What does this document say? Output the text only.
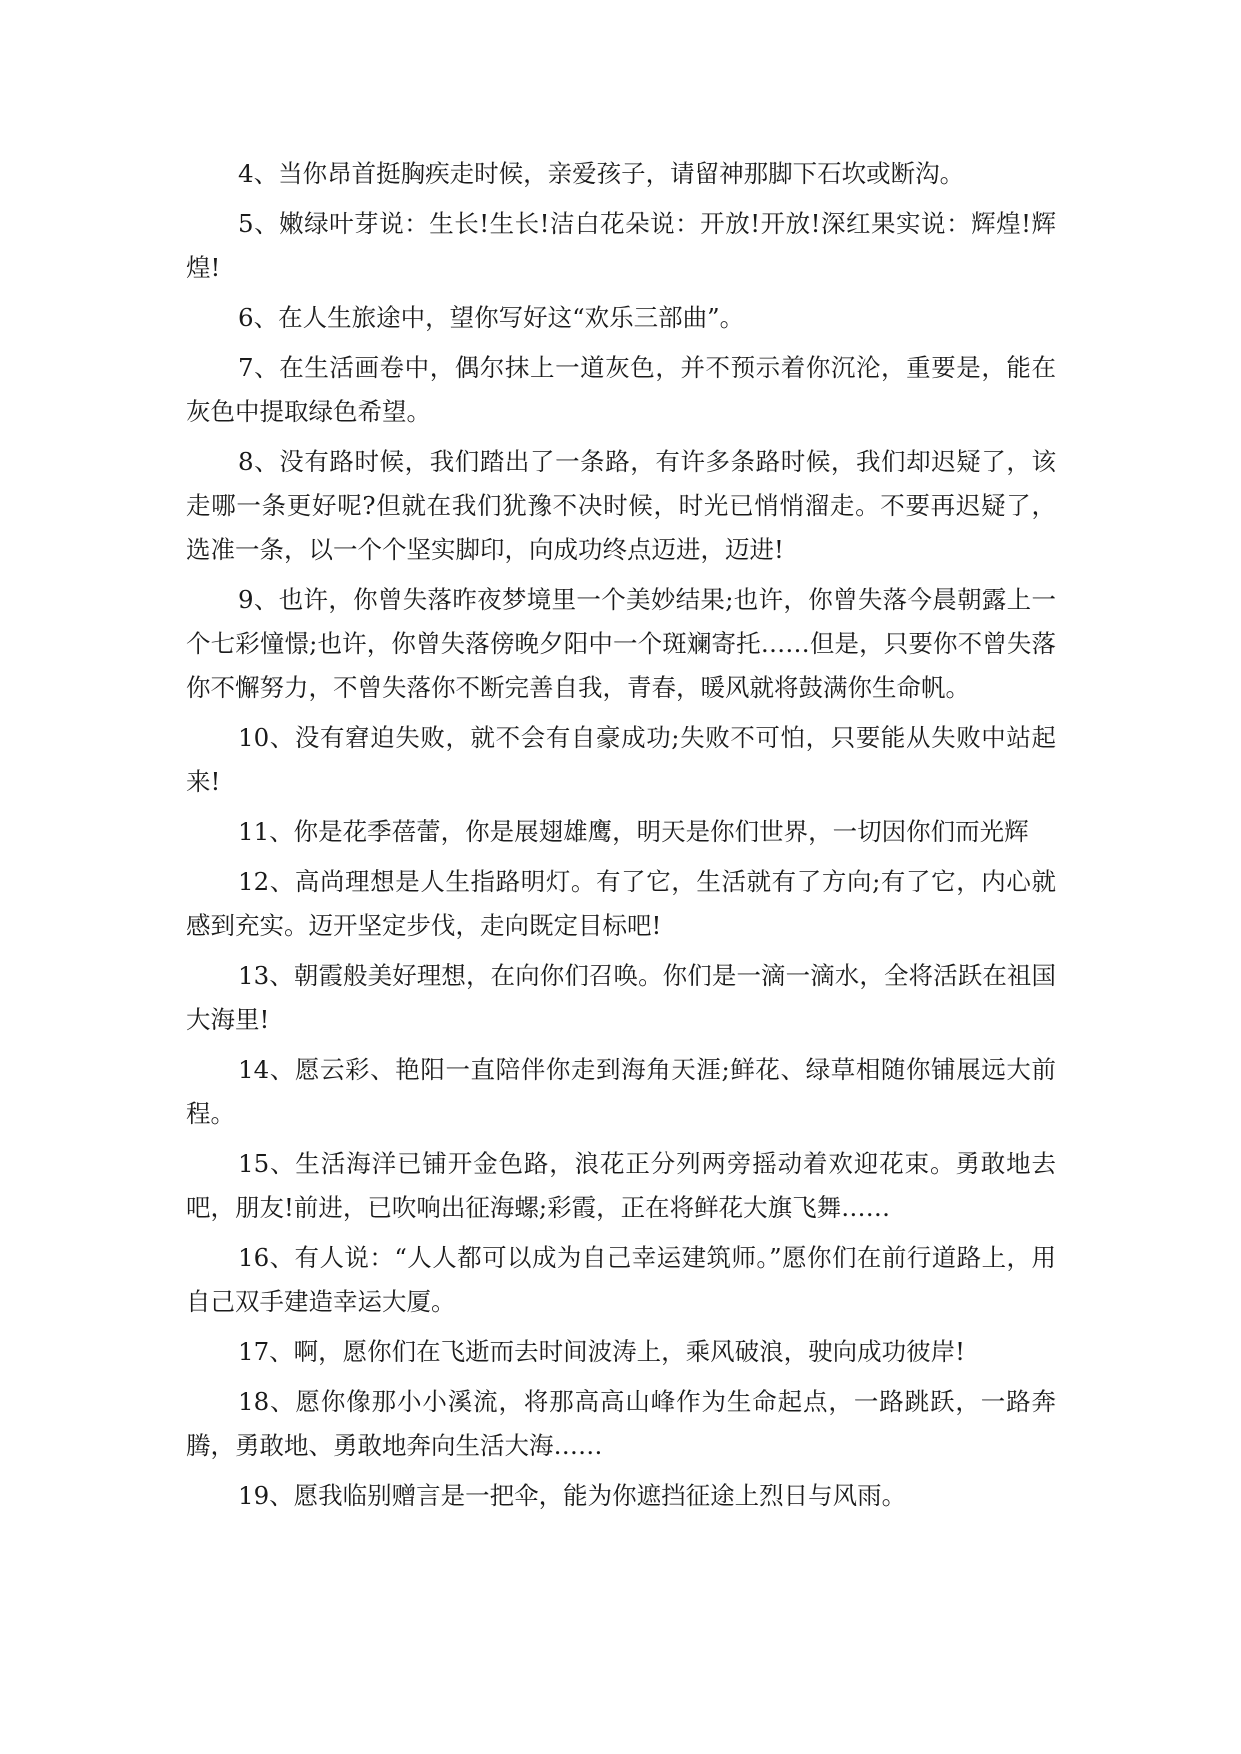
4、当你昂首挺胸疾走时候，亲爱孩子，请留神那脚下石坎或断沟。

5、嫩绿叶芽说：生长!生长!洁白花朵说：开放!开放!深红果实说：辉煌!辉煌!

6、在人生旅途中，望你写好这“欢乐三部曲”。

7、在生活画卷中，偶尔抹上一道灰色，并不预示着你沉沦，重要是，能在灰色中提取绿色希望。

8、没有路时候，我们踏出了一条路，有许多条路时候，我们却迟疑了，该走哪一条更好呢?但就在我们犹豫不决时候，时光已悄悄溜走。不要再迟疑了，选准一条，以一个个坚实脚印，向成功终点迈进，迈进!

9、也许，你曾失落昨夜梦境里一个美妙结果;也许，你曾失落今晨朝露上一个七彩憧憬;也许，你曾失落傍晚夕阳中一个斑斓寄托……但是，只要你不曾失落你不懈努力，不曾失落你不断完善自我，青春，暖风就将鼓满你生命帆。

10、没有窘迫失败，就不会有自豪成功;失败不可怕，只要能从失败中站起来!

11、你是花季蓓蕾，你是展翅雄鹰，明天是你们世界，一切因你们而光辉

12、高尚理想是人生指路明灯。有了它，生活就有了方向;有了它，内心就感到充实。迈开坚定步伐，走向既定目标吧!

13、朝霞般美好理想，在向你们召唤。你们是一滴一滴水，全将活跃在祖国大海里!

14、愿云彩、艳阳一直陪伴你走到海角天涯;鲜花、绿草相随你铺展远大前程。

15、生活海洋已铺开金色路，浪花正分列两旁摇动着欢迎花束。勇敢地去吧，朋友!前进，已吹响出征海螺;彩霞，正在将鲜花大旗飞舞……

16、有人说：“人人都可以成为自己幸运建筑师。”愿你们在前行道路上，用自己双手建造幸运大厦。

17、啊，愿你们在飞逝而去时间波涛上，乘风破浪，驶向成功彼岸!

18、愿你像那小小溪流，将那高高山峰作为生命起点，一路跳跃，一路奔腾，勇敢地、勇敢地奔向生活大海……

19、愿我临别赠言是一把伞，能为你遮挡征途上烈日与风雨。
